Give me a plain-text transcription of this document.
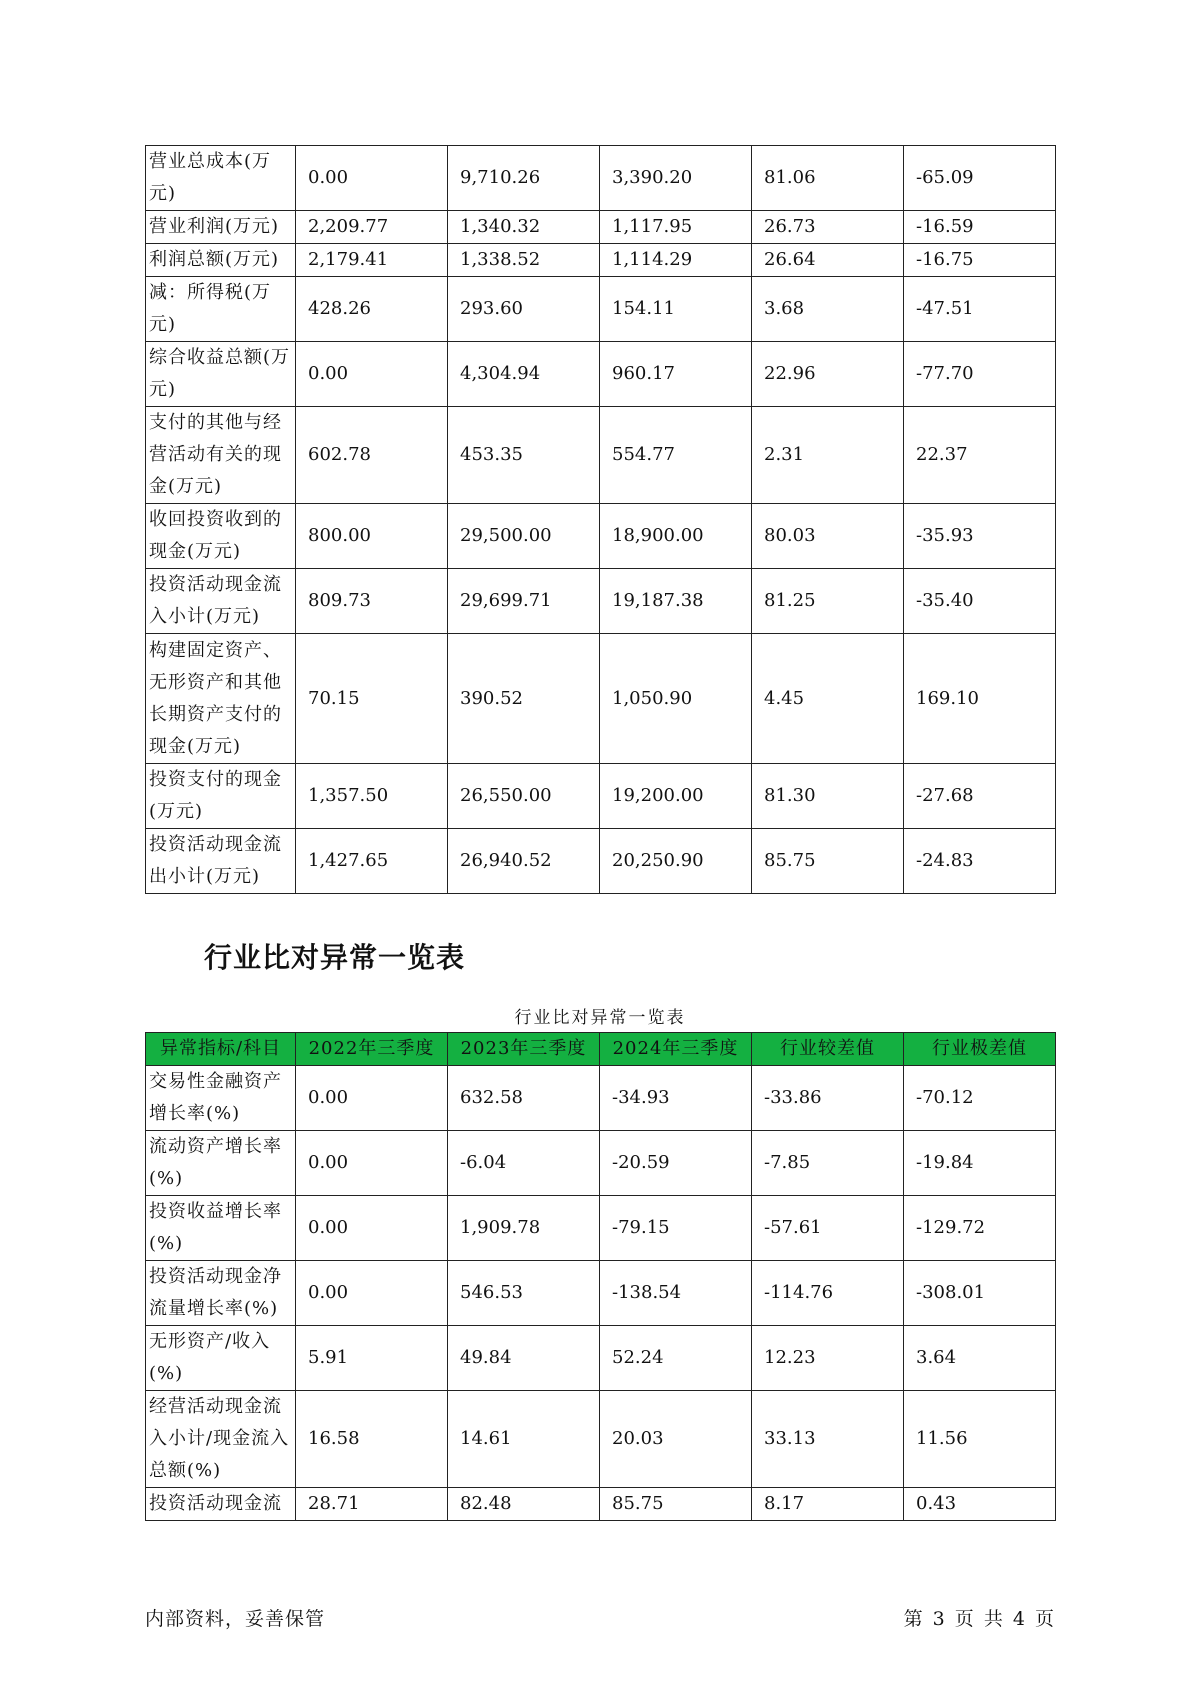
营业总成本(万元)	0.00	9,710.26	3,390.20	81.06	-65.09
营业利润(万元)	2,209.77	1,340.32	1,117.95	26.73	-16.59
利润总额(万元)	2,179.41	1,338.52	1,114.29	26.64	-16.75
减：所得税(万元)	428.26	293.60	154.11	3.68	-47.51
综合收益总额(万元)	0.00	4,304.94	960.17	22.96	-77.70
支付的其他与经营活动有关的现金(万元)	602.78	453.35	554.77	2.31	22.37
收回投资收到的现金(万元)	800.00	29,500.00	18,900.00	80.03	-35.93
投资活动现金流入小计(万元)	809.73	29,699.71	19,187.38	81.25	-35.40
构建固定资产、无形资产和其他长期资产支付的现金(万元)	70.15	390.52	1,050.90	4.45	169.10
投资支付的现金(万元)	1,357.50	26,550.00	19,200.00	81.30	-27.68
投资活动现金流出小计(万元)	1,427.65	26,940.52	20,250.90	85.75	-24.83
行业比对异常一览表
行业比对异常一览表
异常指标/科目	2022年三季度	2023年三季度	2024年三季度	行业较差值	行业极差值
交易性金融资产增长率(%)	0.00	632.58	-34.93	-33.86	-70.12
流动资产增长率(%)	0.00	-6.04	-20.59	-7.85	-19.84
投资收益增长率(%)	0.00	1,909.78	-79.15	-57.61	-129.72
投资活动现金净流量增长率(%)	0.00	546.53	-138.54	-114.76	-308.01
无形资产/收入(%)	5.91	49.84	52.24	12.23	3.64
经营活动现金流入小计/现金流入总额(%)	16.58	14.61	20.03	33.13	11.56
投资活动现金流	28.71	82.48	85.75	8.17	0.43
内部资料，妥善保管	第 3 页 共 4 页
